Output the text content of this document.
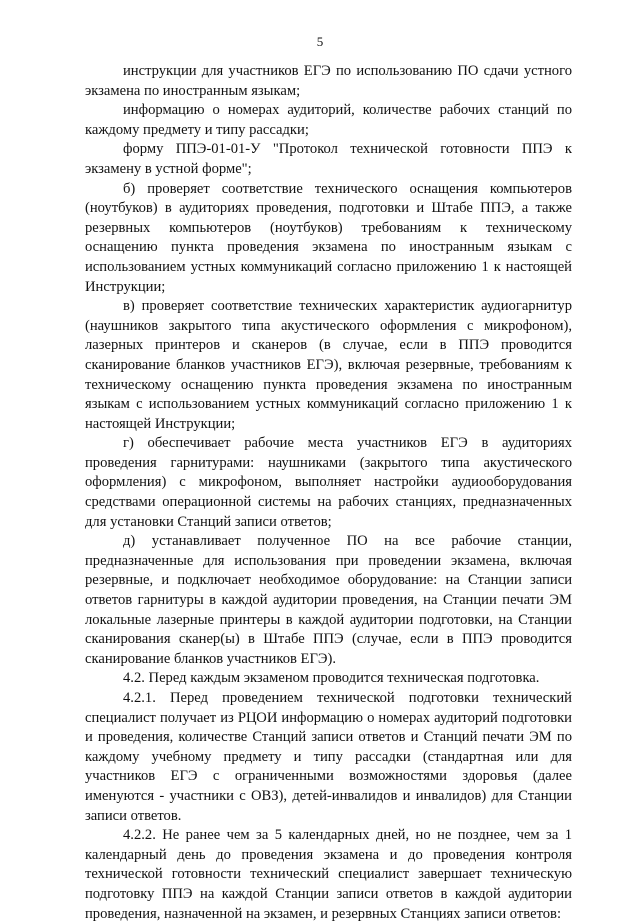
5

инструкции для участников ЕГЭ по использованию ПО сдачи устного экзамена по иностранным языкам;

информацию о номерах аудиторий, количестве рабочих станций по каждому предмету и типу рассадки;

форму ППЭ-01-01-У "Протокол технической готовности ППЭ к экзамену в устной форме";

б) проверяет соответствие технического оснащения компьютеров (ноутбуков) в аудиториях проведения, подготовки и Штабе ППЭ, а также резервных компьютеров (ноутбуков) требованиям к техническому оснащению пункта проведения экзамена по иностранным языкам с использованием устных коммуникаций согласно приложению 1 к настоящей Инструкции;

в) проверяет соответствие технических характеристик аудиогарнитур (наушников закрытого типа акустического оформления с микрофоном), лазерных принтеров и сканеров (в случае, если в ППЭ проводится сканирование бланков участников ЕГЭ), включая резервные, требованиям к техническому оснащению пункта проведения экзамена по иностранным языкам с использованием устных коммуникаций согласно приложению 1 к настоящей Инструкции;

г) обеспечивает рабочие места участников ЕГЭ в аудиториях проведения гарнитурами: наушниками (закрытого типа акустического оформления) с микрофоном, выполняет настройки аудиооборудования средствами операционной системы на рабочих станциях, предназначенных для установки Станций записи ответов;

д) устанавливает полученное ПО на все рабочие станции, предназначенные для использования при проведении экзамена, включая резервные, и подключает необходимое оборудование: на Станции записи ответов гарнитуры в каждой аудитории проведения, на Станции печати ЭМ локальные лазерные принтеры в каждой аудитории подготовки, на Станции сканирования сканер(ы) в Штабе ППЭ (случае, если в ППЭ проводится сканирование бланков участников ЕГЭ).

4.2. Перед каждым экзаменом проводится техническая подготовка.

4.2.1. Перед проведением технической подготовки технический специалист получает из РЦОИ информацию о номерах аудиторий подготовки и проведения, количестве Станций записи ответов и Станций печати ЭМ по каждому учебному предмету и типу рассадки (стандартная или для участников ЕГЭ с ограниченными возможностями здоровья (далее именуются - участники с ОВЗ), детей-инвалидов и инвалидов) для Станции записи ответов.

4.2.2. Не ранее чем за 5 календарных дней, но не позднее, чем за 1 календарный день до проведения экзамена и до проведения контроля технической готовности технический специалист завершает техническую подготовку ППЭ на каждой Станции записи ответов в каждой аудитории проведения, назначенной на экзамен, и резервных Станциях записи ответов:
